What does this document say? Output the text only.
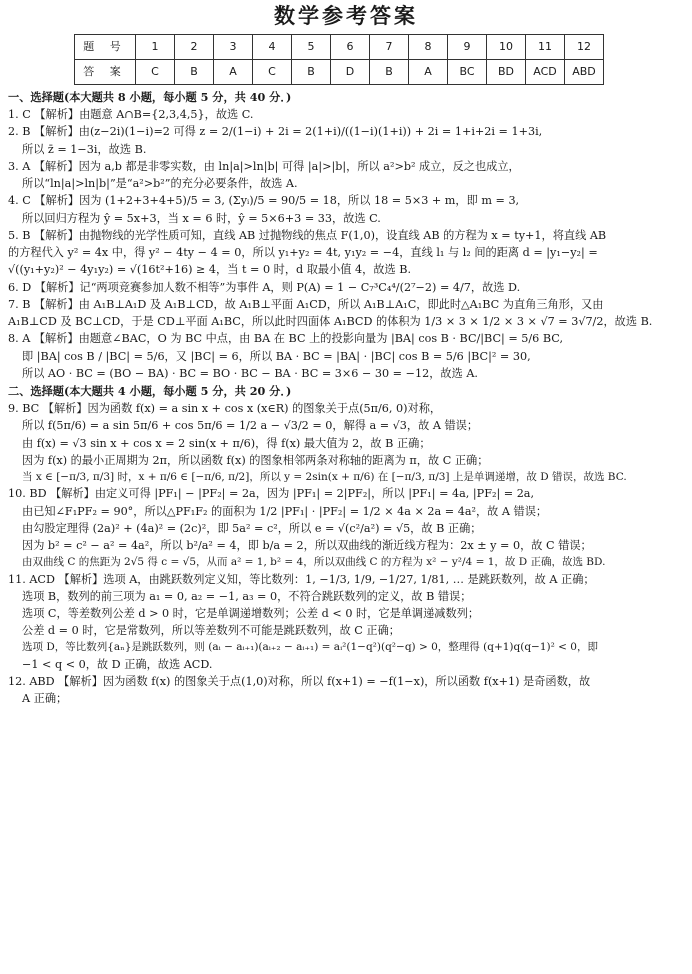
数学参考答案
题 号	1	2	3	4	5	6	7	8	9	10	11	12
答 案	C	B	A	C	B	D	B	A	BC	BD	ACD	ABD
一、选择题(本大题共 8 小题，每小题 5 分，共 40 分．)
1. C 【解析】由题意 A∩B={2,3,4,5}，故选 C.
2. B 【解析】由(z−2i)(1−i)=2 可得 z = 2/(1−i) + 2i = 2(1+i)/((1−i)(1+i)) + 2i = 1+i+2i = 1+3i,
所以 z̄ = 1−3i，故选 B.
3. A 【解析】因为 a,b 都是非零实数，由 ln|a|>ln|b| 可得 |a|>|b|，所以 a²>b² 成立，反之也成立，
所以“ln|a|>ln|b|”是“a²>b²”的充分必要条件，故选 A.
4. C 【解析】因为 (1+2+3+4+5)/5 = 3, (Σyᵢ)/5 = 90/5 = 18，所以 18 = 5×3 + m，即 m = 3,
所以回归方程为 ŷ = 5x+3，当 x = 6 时，ŷ = 5×6+3 = 33，故选 C.
5. B 【解析】由抛物线的光学性质可知，直线 AB 过抛物线的焦点 F(1,0)，设直线 AB 的方程为 x = ty+1，将直线 AB
的方程代入 y² = 4x 中，得 y² − 4ty − 4 = 0，所以 y₁+y₂ = 4t, y₁y₂ = −4，直线 l₁ 与 l₂ 间的距离 d = |y₁−y₂| =
√((y₁+y₂)² − 4y₁y₂) = √(16t²+16) ≥ 4，当 t = 0 时，d 取最小值 4，故选 B.
6. D 【解析】记“两项竞赛参加人数不相等”为事件 A，则 P(A) = 1 − C₇³C₄⁴/(2⁷−2) = 4/7，故选 D.
7. B 【解析】由 A₁B⊥A₁D 及 A₁B⊥CD，故 A₁B⊥平面 A₁CD，所以 A₁B⊥A₁C，即此时△A₁BC 为直角三角形，又由
A₁B⊥CD 及 BC⊥CD，于是 CD⊥平面 A₁BC，所以此时四面体 A₁BCD 的体积为 1/3 × 3 × 1/2 × 3 × √7 = 3√7/2，故选 B.
8. A 【解析】由题意∠BAC，O 为 BC 中点，由 BA 在 BC 上的投影向量为 |BA| cos B · BC/|BC| = 5/6 BC,
即 |BA| cos B / |BC| = 5/6，又 |BC| = 6，所以 BA · BC = |BA| · |BC| cos B = 5/6 |BC|² = 30,
所以 AO · BC = (BO − BA) · BC = BO · BC − BA · BC = 3×6 − 30 = −12，故选 A.
二、选择题(本大题共 4 小题，每小题 5 分，共 20 分．)
9. BC 【解析】因为函数 f(x) = a sin x + cos x (x∈R) 的图象关于点(5π/6, 0)对称，
所以 f(5π/6) = a sin 5π/6 + cos 5π/6 = 1/2 a − √3/2 = 0，解得 a = √3，故 A 错误；
由 f(x) = √3 sin x + cos x = 2 sin(x + π/6)，得 f(x) 最大值为 2，故 B 正确；
因为 f(x) 的最小正周期为 2π，所以函数 f(x) 的图象相邻两条对称轴的距离为 π，故 C 正确；
当 x ∈ [−π/3, π/3] 时，x + π/6 ∈ [−π/6, π/2]，所以 y = 2sin(x + π/6) 在 [−π/3, π/3] 上是单调递增，故 D 错误，故选 BC.
10. BD 【解析】由定义可得 |PF₁| − |PF₂| = 2a，因为 |PF₁| = 2|PF₂|，所以 |PF₁| = 4a, |PF₂| = 2a,
由已知∠F₁PF₂ = 90°，所以△PF₁F₂ 的面积为 1/2 |PF₁| · |PF₂| = 1/2 × 4a × 2a = 4a²，故 A 错误；
由勾股定理得 (2a)² + (4a)² = (2c)²，即 5a² = c²，所以 e = √(c²/a²) = √5，故 B 正确；
因为 b² = c² − a² = 4a²，所以 b²/a² = 4，即 b/a = 2，所以双曲线的渐近线方程为：2x ± y = 0，故 C 错误；
由双曲线 C 的焦距为 2√5 得 c = √5，从而 a² = 1, b² = 4，所以双曲线 C 的方程为 x² − y²/4 = 1，故 D 正确，故选 BD.
11. ACD 【解析】选项 A，由跳跃数列定义知，等比数列：1, −1/3, 1/9, −1/27, 1/81, … 是跳跃数列，故 A 正确；
选项 B，数列的前三项为 a₁ = 0, a₂ = −1, a₃ = 0，不符合跳跃数列的定义，故 B 错误；
选项 C，等差数列公差 d > 0 时，它是单调递增数列；公差 d < 0 时，它是单调递减数列；
公差 d = 0 时，它是常数列，所以等差数列不可能是跳跃数列，故 C 正确；
选项 D，等比数列{aₙ}是跳跃数列，则 (aᵢ − aᵢ₊₁)(aᵢ₊₂ − aᵢ₊₁) = aᵢ²(1−q²)(q²−q) > 0，整理得 (q+1)q(q−1)² < 0，即
−1 < q < 0，故 D 正确，故选 ACD.
12. ABD 【解析】因为函数 f(x) 的图象关于点(1,0)对称，所以 f(x+1) = −f(1−x)，所以函数 f(x+1) 是奇函数，故
A 正确；
